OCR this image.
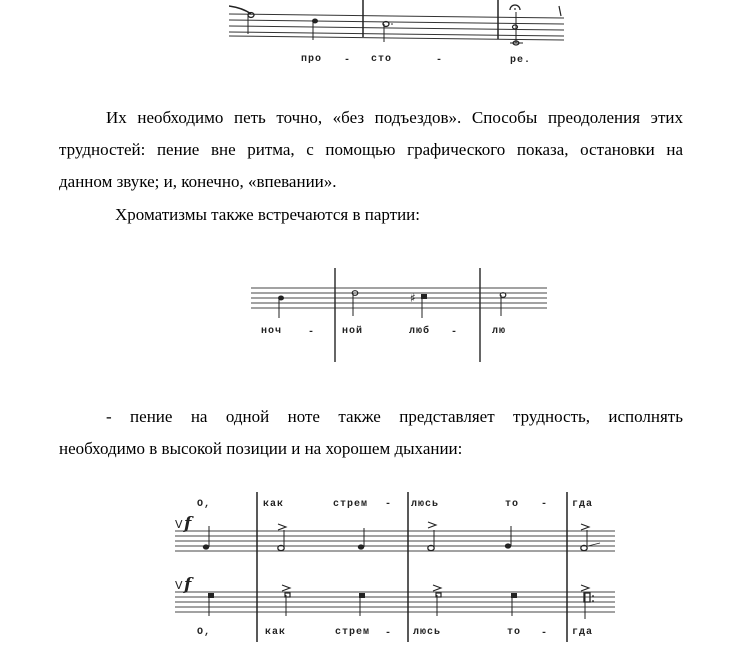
про - сто	-	ре.
Их необходимо петь точно, «без подъездов». Способы преодоления этих
трудностей: пение вне ритма, с помощью графического показа, остановки на
данном звуке; и, конечно, «впевании».
Хроматизмы также встречаются в партии:
♯
ноч	-	ной	люб -	лю
- пение на одной ноте также представляет трудность, исполнять
необходимо в высокой позиции и на хорошем дыхании:
О,	как	стрем - люсь	то - гда
V f
V f
О,	как	стрем - люсь	то - гда
